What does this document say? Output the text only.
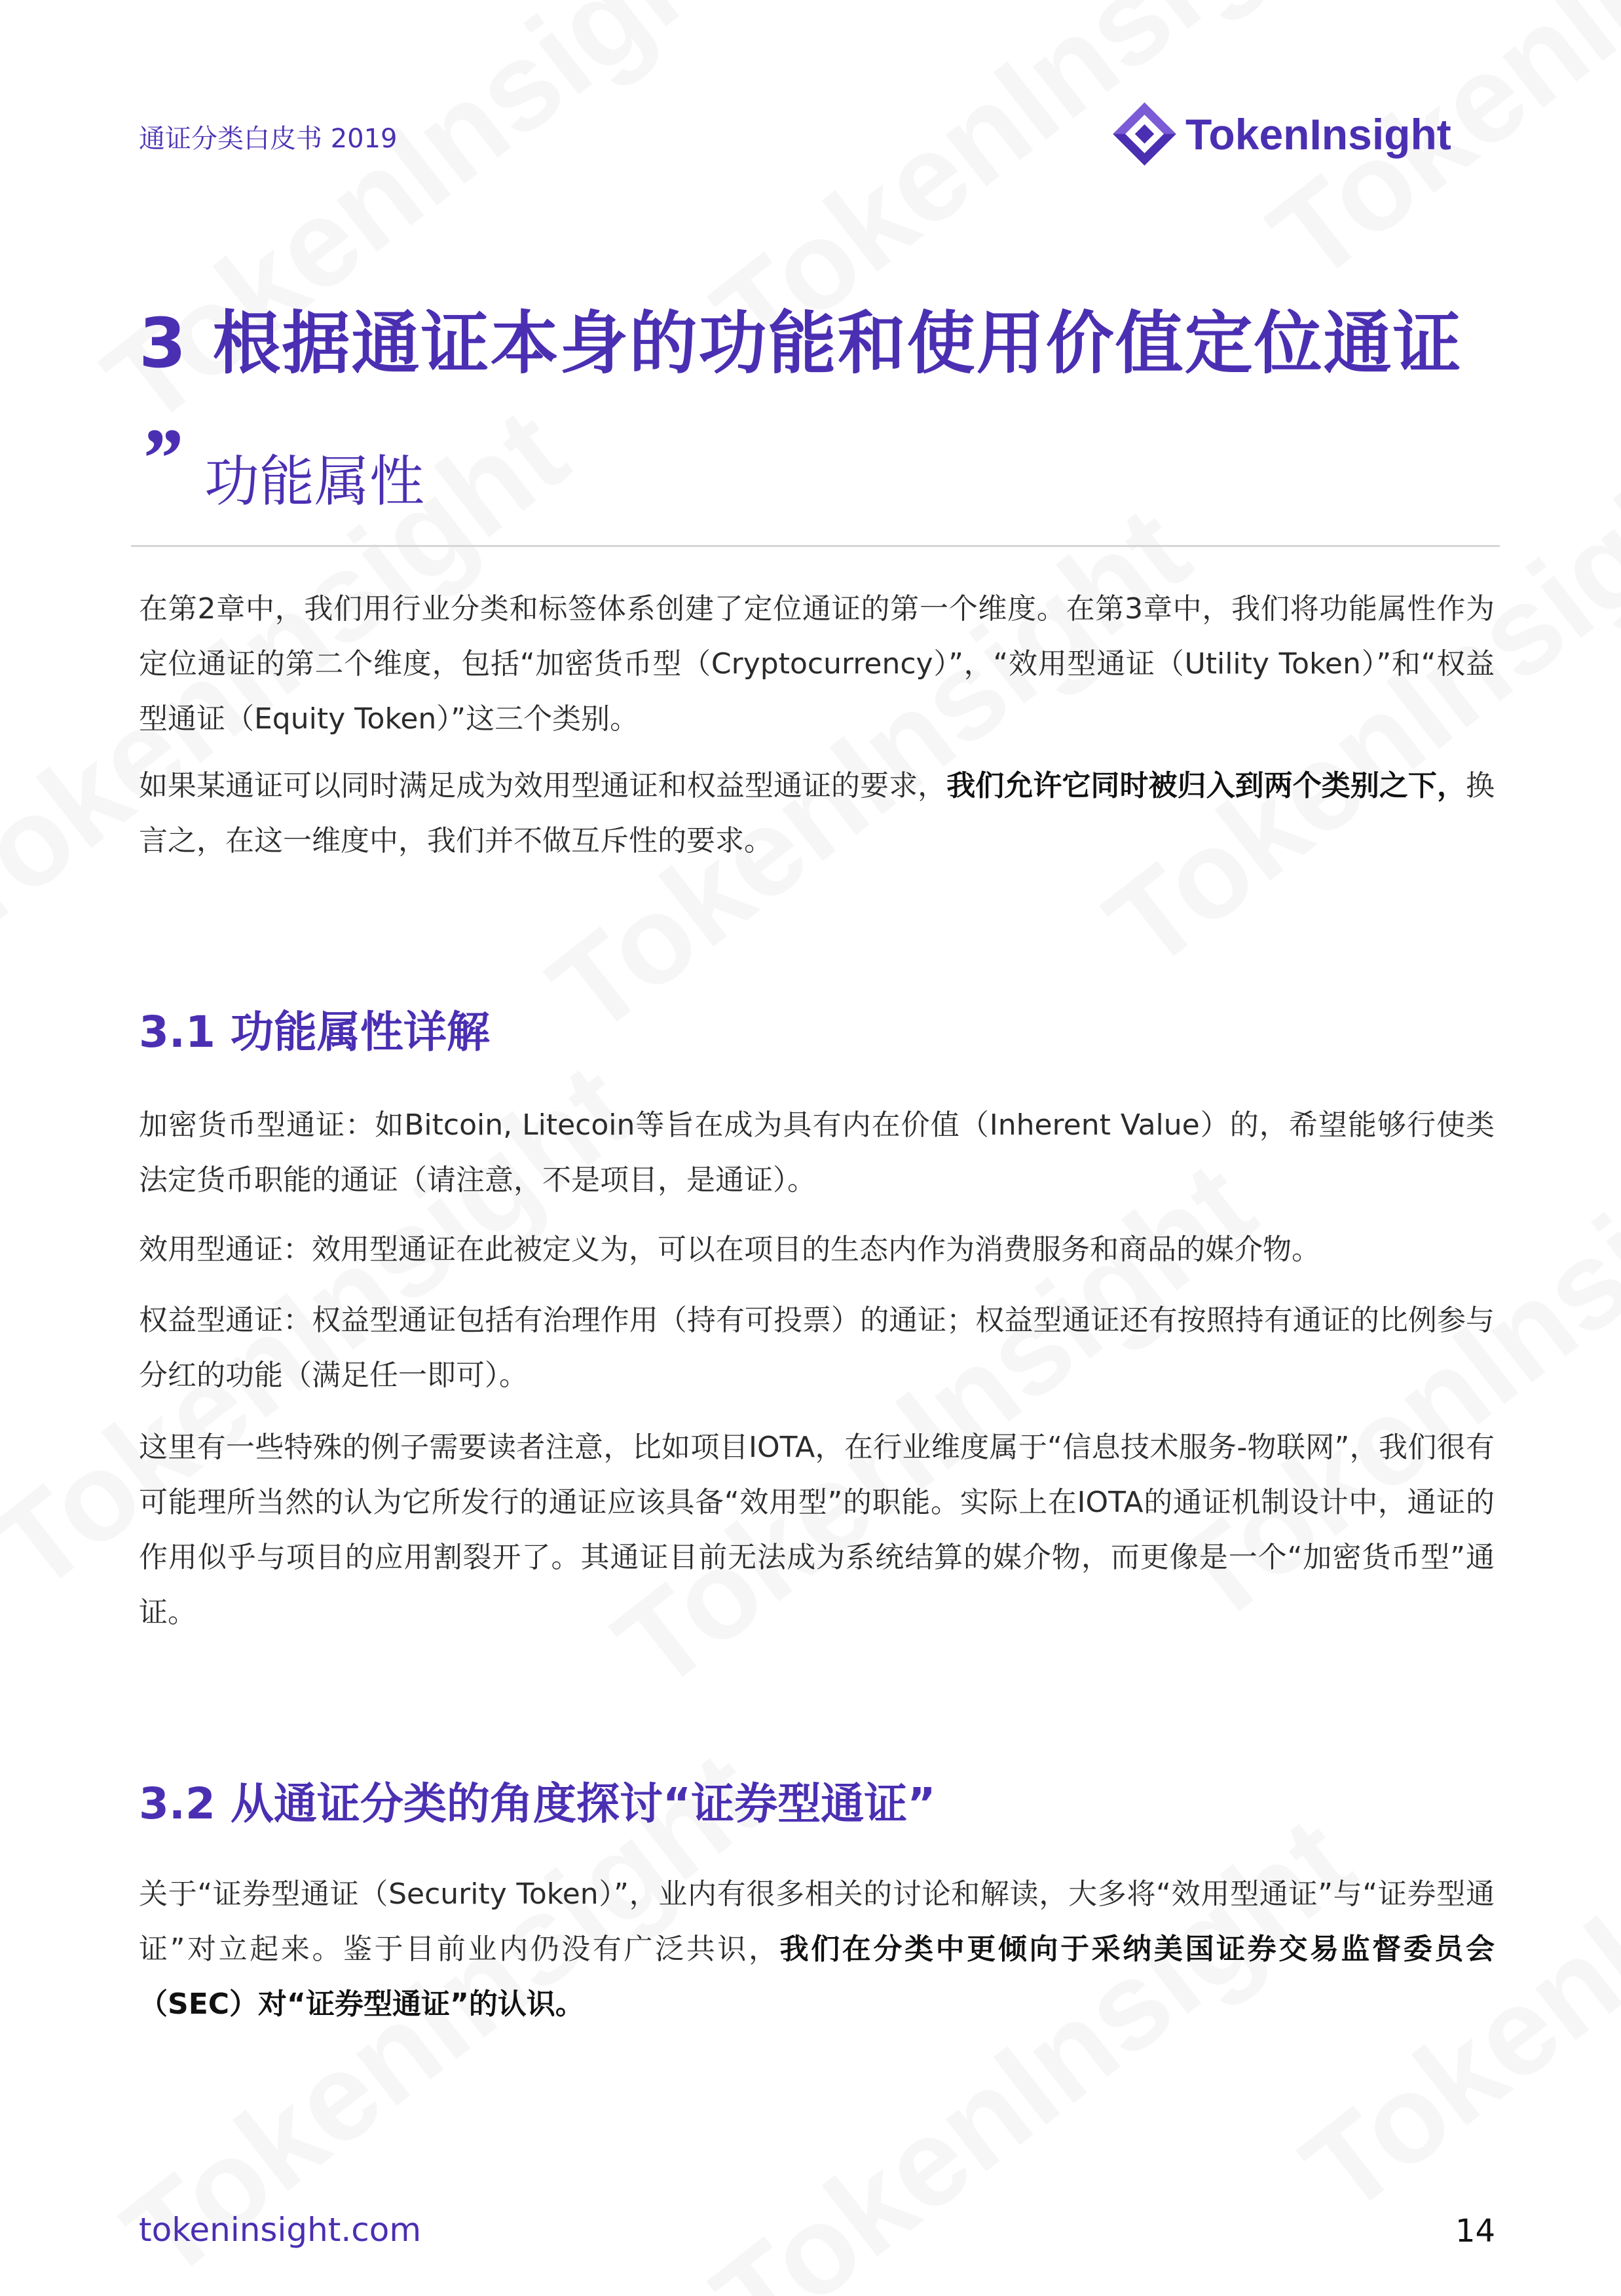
通证分类白皮书 2019	TokenInsight
3 根据通证本身的功能和使用价值定位通证
” 功能属性
在第2章中，我们用行业分类和标签体系创建了定位通证的第一个维度。在第3章中，我们将功能属性作为定位通证的第二个维度，包括“加密货币型（Cryptocurrency）”，“效用型通证（Utility Token）”和“权益型通证（Equity Token）”这三个类别。
如果某通证可以同时满足成为效用型通证和权益型通证的要求，我们允许它同时被归入到两个类别之下，换言之，在这一维度中，我们并不做互斥性的要求。
3.1 功能属性详解
加密货币型通证：如Bitcoin, Litecoin等旨在成为具有内在价值（Inherent Value）的，希望能够行使类法定货币职能的通证（请注意，不是项目，是通证）。
效用型通证：效用型通证在此被定义为，可以在项目的生态内作为消费服务和商品的媒介物。
权益型通证：权益型通证包括有治理作用（持有可投票）的通证；权益型通证还有按照持有通证的比例参与分红的功能（满足任一即可）。
这里有一些特殊的例子需要读者注意，比如项目IOTA，在行业维度属于“信息技术服务-物联网”，我们很有可能理所当然的认为它所发行的通证应该具备“效用型”的职能。实际上在IOTA的通证机制设计中，通证的作用似乎与项目的应用割裂开了。其通证目前无法成为系统结算的媒介物，而更像是一个“加密货币型”通证。
3.2 从通证分类的角度探讨“证券型通证”
关于“证券型通证（Security Token）”，业内有很多相关的讨论和解读，大多将“效用型通证”与“证券型通证”对立起来。鉴于目前业内仍没有广泛共识，我们在分类中更倾向于采纳美国证券交易监督委员会（SEC）对“证券型通证”的认识。
tokeninsight.com	14
